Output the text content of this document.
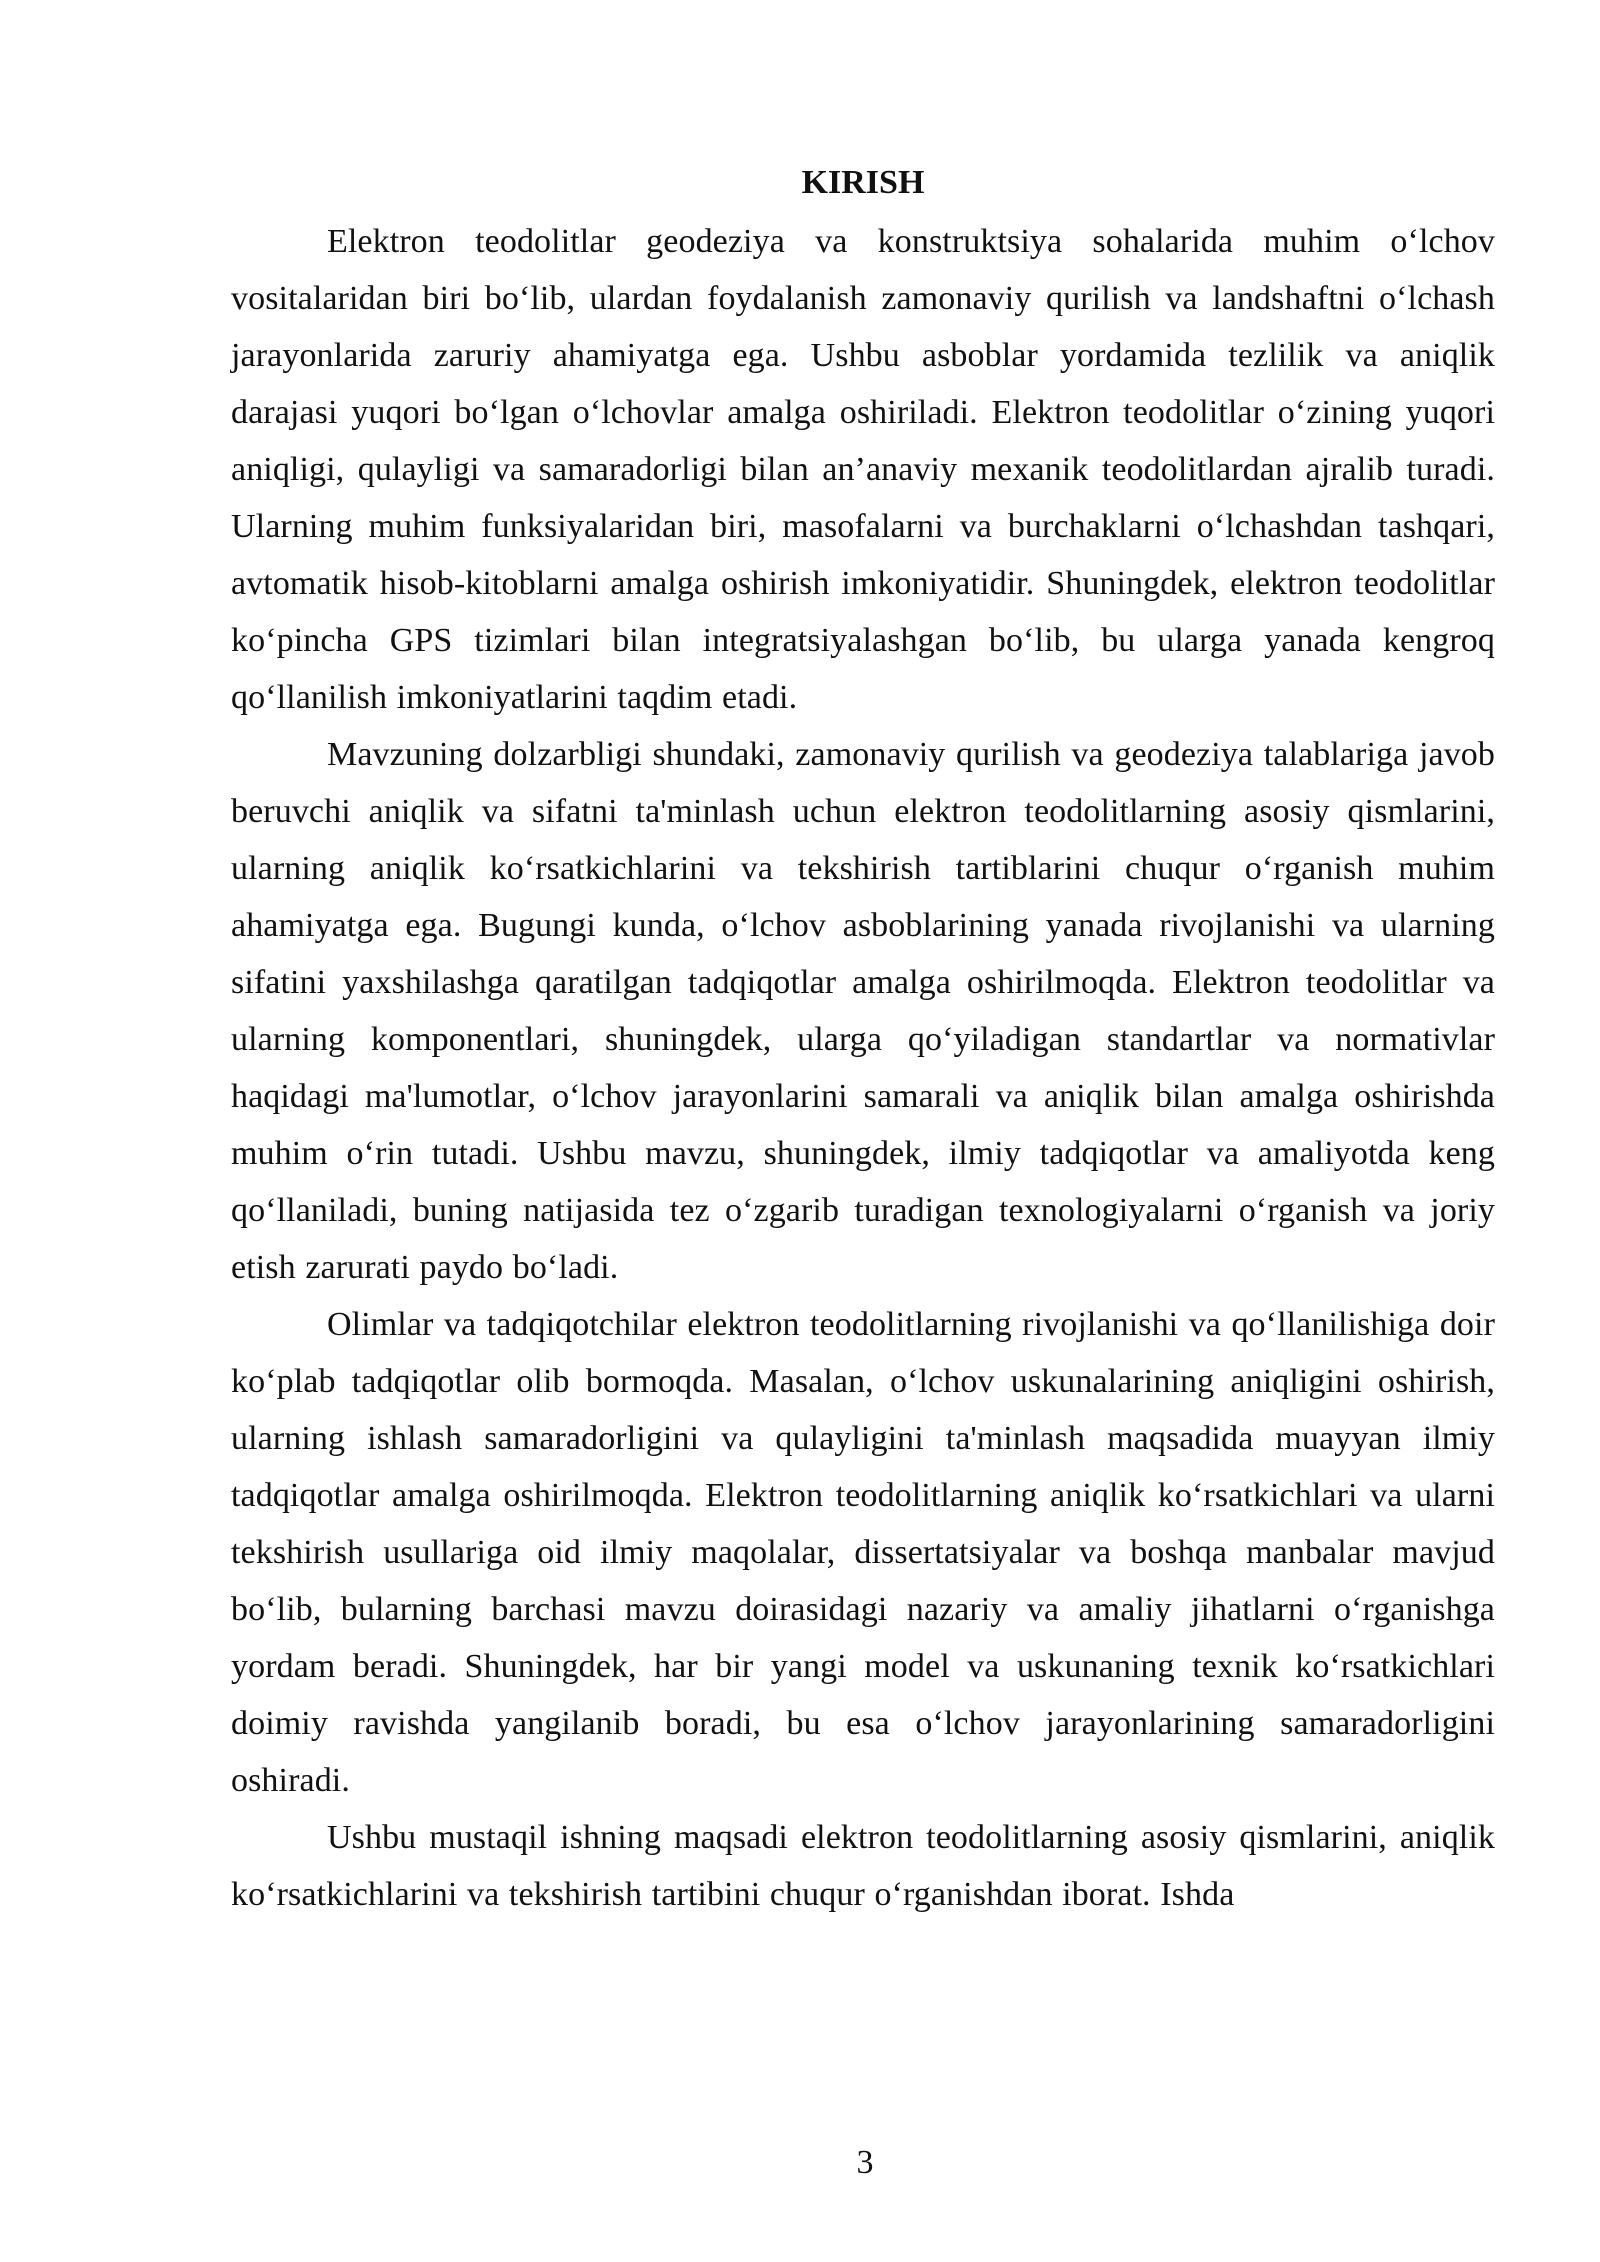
KIRISH

Elektron teodolitlar geodeziya va konstruktsiya sohalarida muhim o‘lchov vositalaridan biri bo‘lib, ulardan foydalanish zamonaviy qurilish va landshaftni o‘lchash jarayonlarida zaruriy ahamiyatga ega. Ushbu asboblar yordamida tezlilik va aniqlik darajasi yuqori bo‘lgan o‘lchovlar amalga oshiriladi. Elektron teodolitlar o‘zining yuqori aniqligi, qulayligi va samaradorligi bilan an’anaviy mexanik teodolitlardan ajralib turadi. Ularning muhim funksiyalaridan biri, masofalarni va burchaklarni o‘lchashdan tashqari, avtomatik hisob-kitoblarni amalga oshirish imkoniyatidir. Shuningdek, elektron teodolitlar ko‘pincha GPS tizimlari bilan integratsiyalashgan bo‘lib, bu ularga yanada kengroq qo‘llanilish imkoniyatlarini taqdim etadi.

Mavzuning dolzarbligi shundaki, zamonaviy qurilish va geodeziya talablariga javob beruvchi aniqlik va sifatni ta'minlash uchun elektron teodolitlarning asosiy qismlarini, ularning aniqlik ko‘rsatkichlarini va tekshirish tartiblarini chuqur o‘rganish muhim ahamiyatga ega. Bugungi kunda, o‘lchov asboblarining yanada rivojlanishi va ularning sifatini yaxshilashga qaratilgan tadqiqotlar amalga oshirilmoqda. Elektron teodolitlar va ularning komponentlari, shuningdek, ularga qo‘yiladigan standartlar va normativlar haqidagi ma'lumotlar, o‘lchov jarayonlarini samarali va aniqlik bilan amalga oshirishda muhim o‘rin tutadi. Ushbu mavzu, shuningdek, ilmiy tadqiqotlar va amaliyotda keng qo‘llaniladi, buning natijasida tez o‘zgarib turadigan texnologiyalarni o‘rganish va joriy etish zarurati paydo bo‘ladi.

Olimlar va tadqiqotchilar elektron teodolitlarning rivojlanishi va qo‘llanilishiga doir ko‘plab tadqiqotlar olib bormoqda. Masalan, o‘lchov uskunalarining aniqligini oshirish, ularning ishlash samaradorligini va qulayligini ta'minlash maqsadida muayyan ilmiy tadqiqotlar amalga oshirilmoqda. Elektron teodolitlarning aniqlik ko‘rsatkichlari va ularni tekshirish usullariga oid ilmiy maqolalar, dissertatsiyalar va boshqa manbalar mavjud bo‘lib, bularning barchasi mavzu doirasidagi nazariy va amaliy jihatlarni o‘rganishga yordam beradi. Shuningdek, har bir yangi model va uskunaning texnik ko‘rsatkichlari doimiy ravishda yangilanib boradi, bu esa o‘lchov jarayonlarining samaradorligini oshiradi.

Ushbu mustaqil ishning maqsadi elektron teodolitlarning asosiy qismlarini, aniqlik ko‘rsatkichlarini va tekshirish tartibini chuqur o‘rganishdan iborat. Ishda

3
